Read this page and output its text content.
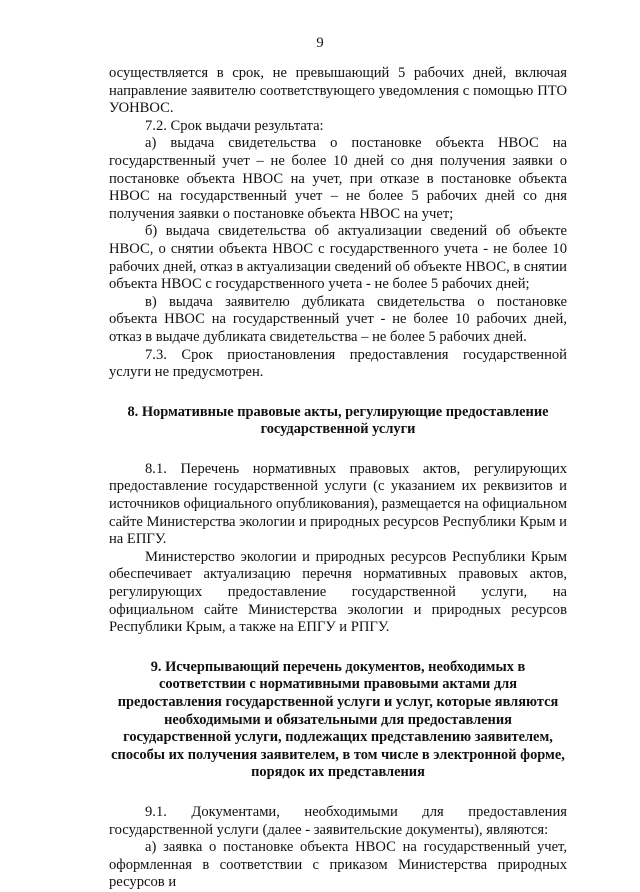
9

осуществляется в срок, не превышающий 5 рабочих дней, включая направление заявителю соответствующего уведомления с помощью ПТО УОНВОС.

7.2. Срок выдачи результата:

а) выдача свидетельства о постановке объекта НВОС на государственный учет – не более 10 дней со дня получения заявки о постановке объекта НВОС на учет, при отказе в постановке объекта НВОС на государственный учет – не более 5 рабочих дней со дня получения заявки о постановке объекта НВОС на учет;

б) выдача свидетельства об актуализации сведений об объекте НВОС, о снятии объекта НВОС с государственного учета - не более 10 рабочих дней, отказ в актуализации сведений об объекте НВОС, в снятии объекта НВОС с государственного учета - не более 5 рабочих дней;

в) выдача заявителю дубликата свидетельства о постановке объекта НВОС на государственный учет - не более 10 рабочих дней, отказ в выдаче дубликата свидетельства – не более 5 рабочих дней.

7.3. Срок приостановления предоставления государственной услуги не предусмотрен.

8. Нормативные правовые акты, регулирующие предоставление государственной услуги

8.1. Перечень нормативных правовых актов, регулирующих предоставление государственной услуги (с указанием их реквизитов и источников официального опубликования), размещается на официальном сайте Министерства экологии и природных ресурсов Республики Крым и на ЕПГУ.

Министерство экологии и природных ресурсов Республики Крым обеспечивает актуализацию перечня нормативных правовых актов, регулирующих предоставление государственной услуги, на официальном сайте Министерства экологии и природных ресурсов Республики Крым, а также на ЕПГУ и РПГУ.

9. Исчерпывающий перечень документов, необходимых в соответствии с нормативными правовыми актами для предоставления государственной услуги и услуг, которые являются необходимыми и обязательными для предоставления государственной услуги, подлежащих представлению заявителем, способы их получения заявителем, в том числе в электронной форме, порядок их представления

9.1. Документами, необходимыми для предоставления государственной услуги (далее - заявительские документы), являются:

а) заявка о постановке объекта НВОС на государственный учет, оформленная в соответствии с приказом Министерства природных ресурсов и
